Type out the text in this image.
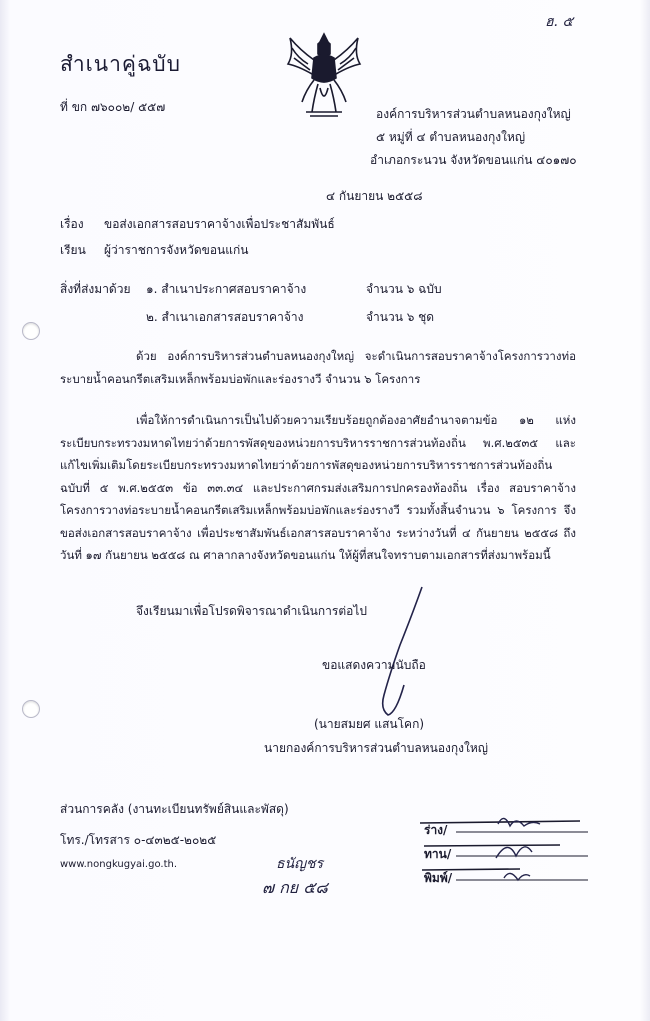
ฮ. ๕
สำเนาคู่ฉบับ
ที่ ขก ๗๖๐๐๒/ ๕๕๗	องค์การบริหารส่วนตำบลหนองกุงใหญ่
๕ หมู่ที่ ๔ ตำบลหนองกุงใหญ่
อำเภอกระนวน จังหวัดขอนแก่น ๔๐๑๗๐
๔ กันยายน ๒๕๕๘
เรื่อง ขอส่งเอกสารสอบราคาจ้างเพื่อประชาสัมพันธ์
เรียน ผู้ว่าราชการจังหวัดขอนแก่น
สิ่งที่ส่งมาด้วย ๑. สำเนาประกาศสอบราคาจ้าง	จำนวน ๖ ฉบับ
๒. สำเนาเอกสารสอบราคาจ้าง	จำนวน ๖ ชุด
ด้วย องค์การบริหารส่วนตำบลหนองกุงใหญ่ จะดำเนินการสอบราคาจ้างโครงการวางท่อระบายน้ำคอนกรีตเสริมเหล็กพร้อมบ่อพักและร่องรางวี จำนวน ๖ โครงการ
เพื่อให้การดำเนินการเป็นไปด้วยความเรียบร้อยถูกต้องอาศัยอำนาจตามข้อ ๑๒ แห่งระเบียบกระทรวงมหาดไทยว่าด้วยการพัสดุของหน่วยการบริหารราชการส่วนท้องถิ่น พ.ศ.๒๕๓๕ และแก้ไขเพิ่มเติมโดยระเบียบกระทรวงมหาดไทยว่าด้วยการพัสดุของหน่วยการบริหารราชการส่วนท้องถิ่น ฉบับที่ ๕ พ.ศ.๒๕๕๓ ข้อ ๓๓.๓๔ และประกาศกรมส่งเสริมการปกครองท้องถิ่น เรื่อง สอบราคาจ้างโครงการวางท่อระบายน้ำคอนกรีตเสริมเหล็กพร้อมบ่อพักและร่องรางวี รวมทั้งสิ้นจำนวน ๖ โครงการ จึงขอส่งเอกสารสอบราคาจ้าง เพื่อประชาสัมพันธ์เอกสารสอบราคาจ้าง ระหว่างวันที่ ๔ กันยายน ๒๕๕๘ ถึงวันที่ ๑๗ กันยายน ๒๕๕๘ ณ ศาลากลางจังหวัดขอนแก่น ให้ผู้ที่สนใจทราบตามเอกสารที่ส่งมาพร้อมนี้
จึงเรียนมาเพื่อโปรดพิจารณาดำเนินการต่อไป
ขอแสดงความนับถือ
(นายสมยศ แสนโคก)
นายกองค์การบริหารส่วนตำบลหนองกุงใหญ่
ส่วนการคลัง (งานทะเบียนทรัพย์สินและพัสดุ)
โทร./โทรสาร ๐-๔๓๒๕-๒๐๒๕
www.nongkugyai.go.th.	ธนัญชร
๗ กย ๕๘
ร่าง/
ทาน/
พิมพ์/
